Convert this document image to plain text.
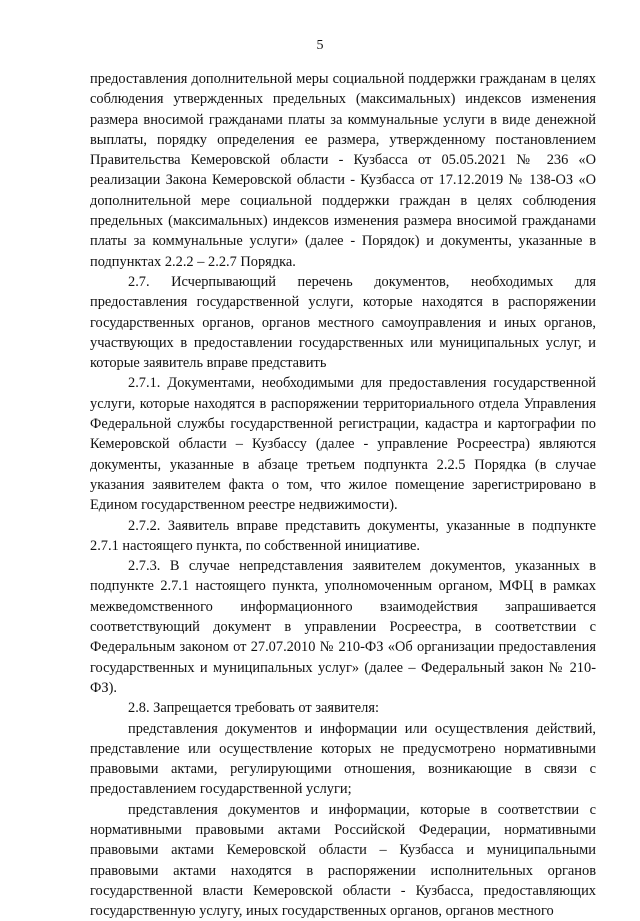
5

предоставления дополнительной меры социальной поддержки гражданам в целях соблюдения утвержденных предельных (максимальных) индексов изменения размера вносимой гражданами платы за коммунальные услуги в виде денежной выплаты, порядку определения ее размера, утвержденному постановлением Правительства Кемеровской области - Кузбасса от 05.05.2021 № 236 «О реализации Закона Кемеровской области - Кузбасса от 17.12.2019 № 138-ОЗ «О дополнительной мере социальной поддержки граждан в целях соблюдения предельных (максимальных) индексов изменения размера вносимой гражданами платы за коммунальные услуги» (далее - Порядок) и документы, указанные в подпунктах 2.2.2 – 2.2.7 Порядка.

2.7. Исчерпывающий перечень документов, необходимых для предоставления государственной услуги, которые находятся в распоряжении государственных органов, органов местного самоуправления и иных органов, участвующих в предоставлении государственных или муниципальных услуг, и которые заявитель вправе представить

2.7.1. Документами, необходимыми для предоставления государственной услуги, которые находятся в распоряжении территориального отдела Управления Федеральной службы государственной регистрации, кадастра и картографии по Кемеровской области – Кузбассу (далее - управление Росреестра) являются документы, указанные в абзаце третьем подпункта 2.2.5 Порядка (в случае указания заявителем факта о том, что жилое помещение зарегистрировано в Едином государственном реестре недвижимости).

2.7.2. Заявитель вправе представить документы, указанные в подпункте 2.7.1 настоящего пункта, по собственной инициативе.

2.7.3. В случае непредставления заявителем документов, указанных в подпункте 2.7.1 настоящего пункта, уполномоченным органом, МФЦ в рамках межведомственного информационного взаимодействия запрашивается соответствующий документ в управлении Росреестра, в соответствии с Федеральным законом от 27.07.2010 № 210-ФЗ «Об организации предоставления государственных и муниципальных услуг» (далее – Федеральный закон № 210-ФЗ).

2.8. Запрещается требовать от заявителя:

представления документов и информации или осуществления действий, представление или осуществление которых не предусмотрено нормативными правовыми актами, регулирующими отношения, возникающие в связи с предоставлением государственной услуги;

представления документов и информации, которые в соответствии с нормативными правовыми актами Российской Федерации, нормативными правовыми актами Кемеровской области – Кузбасса и муниципальными правовыми актами находятся в распоряжении исполнительных органов государственной власти Кемеровской области - Кузбасса, предоставляющих государственную услугу, иных государственных органов, органов местного
